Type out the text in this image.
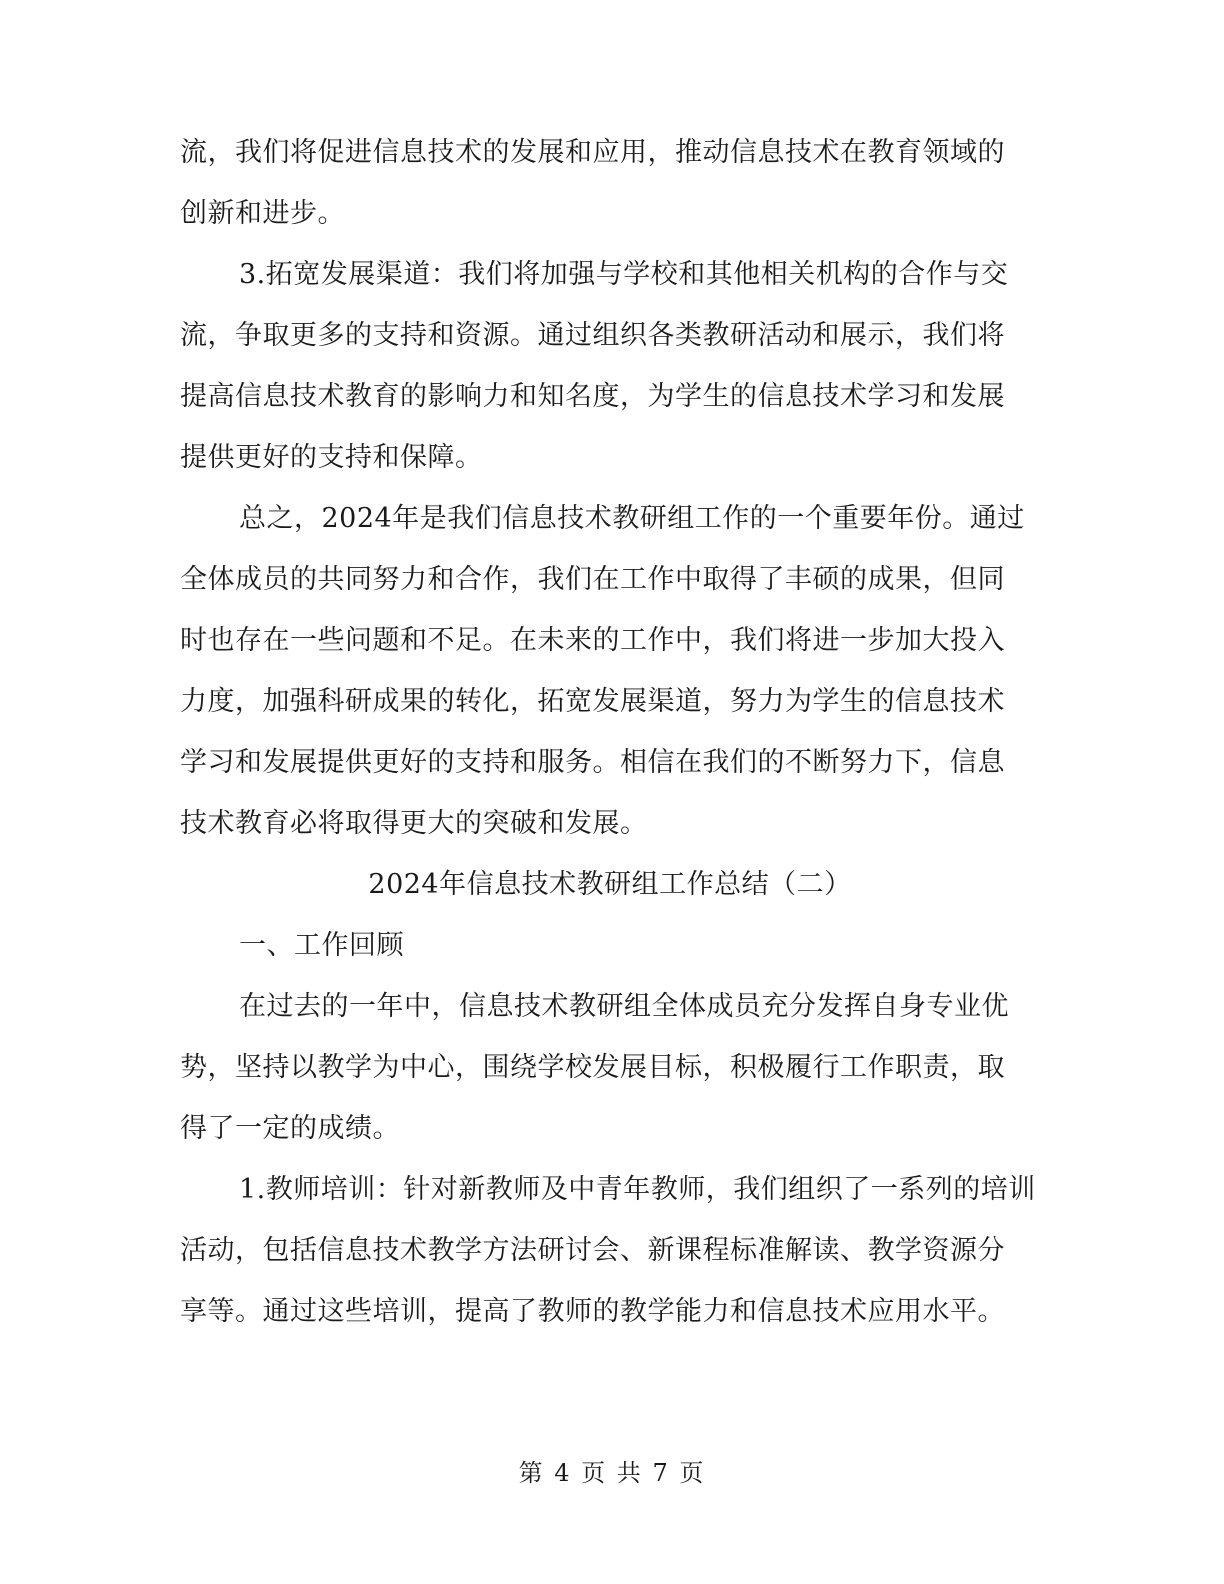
流，我们将促进信息技术的发展和应用，推动信息技术在教育领域的
创新和进步。
3.拓宽发展渠道：我们将加强与学校和其他相关机构的合作与交
流，争取更多的支持和资源。通过组织各类教研活动和展示，我们将
提高信息技术教育的影响力和知名度，为学生的信息技术学习和发展
提供更好的支持和保障。
总之，2024年是我们信息技术教研组工作的一个重要年份。通过
全体成员的共同努力和合作，我们在工作中取得了丰硕的成果，但同
时也存在一些问题和不足。在未来的工作中，我们将进一步加大投入
力度，加强科研成果的转化，拓宽发展渠道，努力为学生的信息技术
学习和发展提供更好的支持和服务。相信在我们的不断努力下，信息
技术教育必将取得更大的突破和发展。
2024年信息技术教研组工作总结（二）
一、工作回顾
在过去的一年中，信息技术教研组全体成员充分发挥自身专业优
势，坚持以教学为中心，围绕学校发展目标，积极履行工作职责，取
得了一定的成绩。
1.教师培训：针对新教师及中青年教师，我们组织了一系列的培训
活动，包括信息技术教学方法研讨会、新课程标准解读、教学资源分
享等。通过这些培训，提高了教师的教学能力和信息技术应用水平。
第 4 页 共 7 页
